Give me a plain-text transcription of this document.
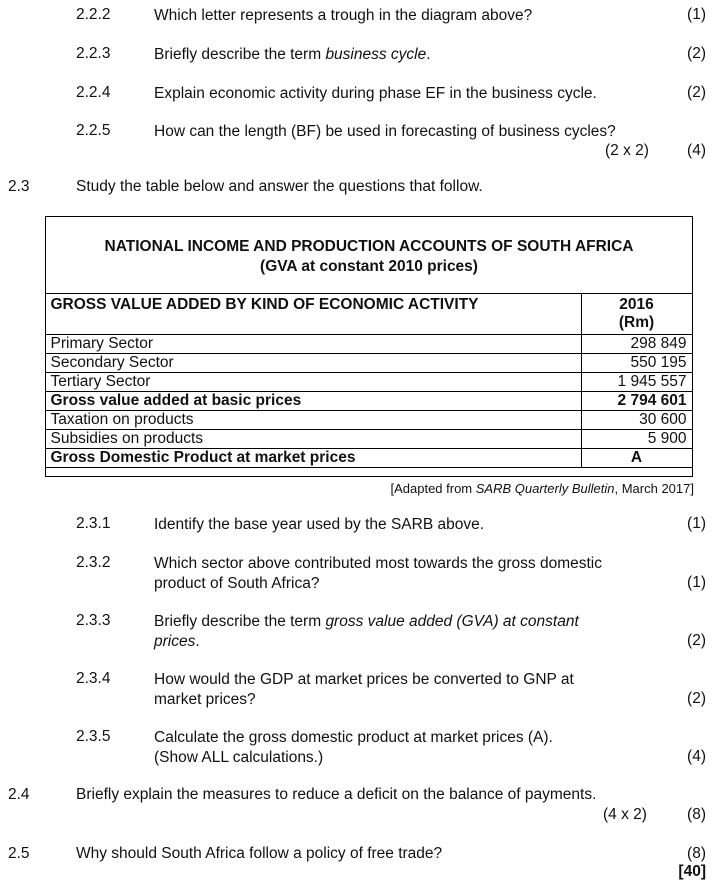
2.2.2	Which letter represents a trough in the diagram above?	(1)
2.2.3	Briefly describe the term business cycle.	(2)
2.2.4	Explain economic activity during phase EF in the business cycle.	(2)
2.2.5	How can the length (BF) be used in forecasting of business cycles?
(2 x 2) (4)
2.3	Study the table below and answer the questions that follow.
NATIONAL INCOME AND PRODUCTION ACCOUNTS OF SOUTH AFRICA
(GVA at constant 2010 prices)
GROSS VALUE ADDED BY KIND OF ECONOMIC ACTIVITY	2016
(Rm)

Primary Sector	298 849
Secondary Sector	550 195
Tertiary Sector	1 945 557
Gross value added at basic prices	2 794 601
Taxation on products	30 600
Subsidies on products	5 900
Gross Domestic Product at market prices	A
[Adapted from SARB Quarterly Bulletin, March 2017]
2.3.1	Identify the base year used by the SARB above.	(1)
2.3.2	Which sector above contributed most towards the gross domestic
product of South Africa?	(1)
2.3.3	Briefly describe the term gross value added (GVA) at constant
prices.	(2)
2.3.4	How would the GDP at market prices be converted to GNP at
market prices?	(2)
2.3.5	Calculate the gross domestic product at market prices (A).
(Show ALL calculations.)	(4)
2.4	Briefly explain the measures to reduce a deficit on the balance of payments.
(4 x 2)	(8)
2.5	Why should South Africa follow a policy of free trade?	(8)
[40]
